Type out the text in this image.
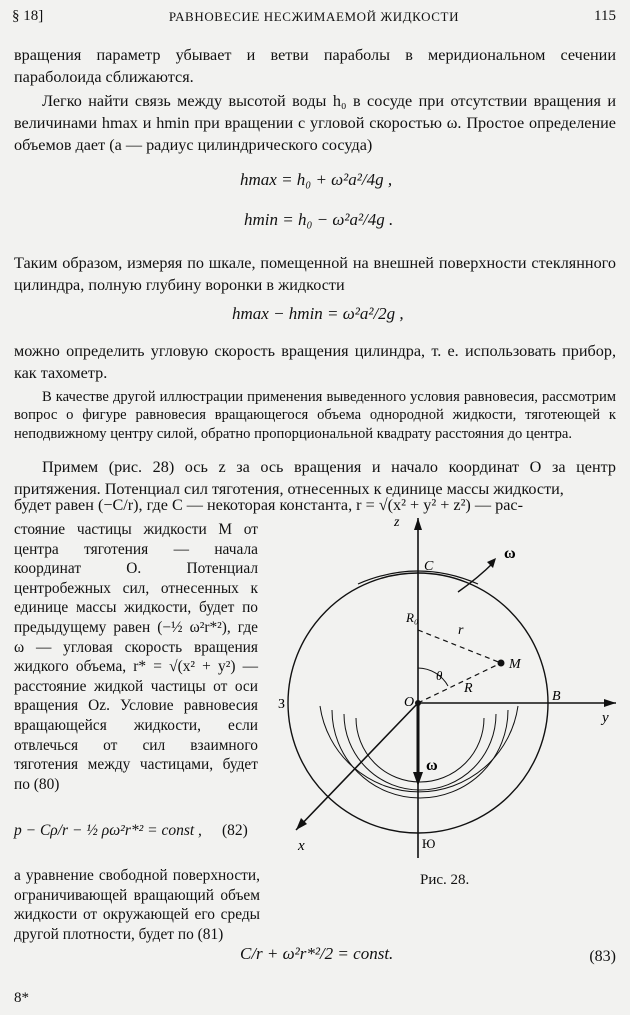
§ 18]	РАВНОВЕСИЕ НЕСЖИМАЕМОЙ ЖИДКОСТИ	115
вращения параметр убывает и ветви параболы в меридиональном сечении параболоида сближаются.
Легко найти связь между высотой воды h₀ в сосуде при отсутствии вращения и величинами hmax и hmin при вращении с угловой скоростью ω. Простое определение объемов дает (a — радиус цилиндрического сосуда)
hmax = h₀ + ω²a²/4g ,
hmin = h₀ − ω²a²/4g .
Таким образом, измеряя по шкале, помещенной на внешней поверхности стеклянного цилиндра, полную глубину воронки в жидкости
hmax − hmin = ω²a²/2g ,
можно определить угловую скорость вращения цилиндра, т. е. использовать прибор, как тахометр.
В качестве другой иллюстрации применения выведенного условия равновесия, рассмотрим вопрос о фигуре равновесия вращающегося объема однородной жидкости, тяготеющей к неподвижному центру силой, обратно пропорциональной квадрату расстояния до центра.
Примем (рис. 28) ось z за ось вращения и начало координат O за центр притяжения. Потенциал сил тяготения, отнесенных к единице массы жидкости,
будет равен (−C/r), где C — некоторая константа, r = √(x² + y² + z²) — рас-
стояние частицы жидкости M от центра тяготения — начала координат O. Потенциал центробежных сил, отнесенных к единице массы жидкости, будет по предыдущему равен (−½ ω²r*²), где ω — угловая скорость вращения жидкого объема, r* = √(x² + y²) — расстояние жидкой частицы от оси вращения Oz. Условие равновесия вращающейся жидкости, если отвлечься от сил взаимного тяготения между частицами, будет по (80)
p − Cρ/r − ½ ρω²r*² = const , (82)
а уравнение свободной поверхности, ограничивающей вращающий объем жидкости от окружающей его среды другой плотности, будет по (81)
C/r + ω²r*²/2 = const.	(83)
z
y
x
C
B
O
M
R₀
r
R
θ
ω
ω
З
Ю
Рис. 28.
8*
